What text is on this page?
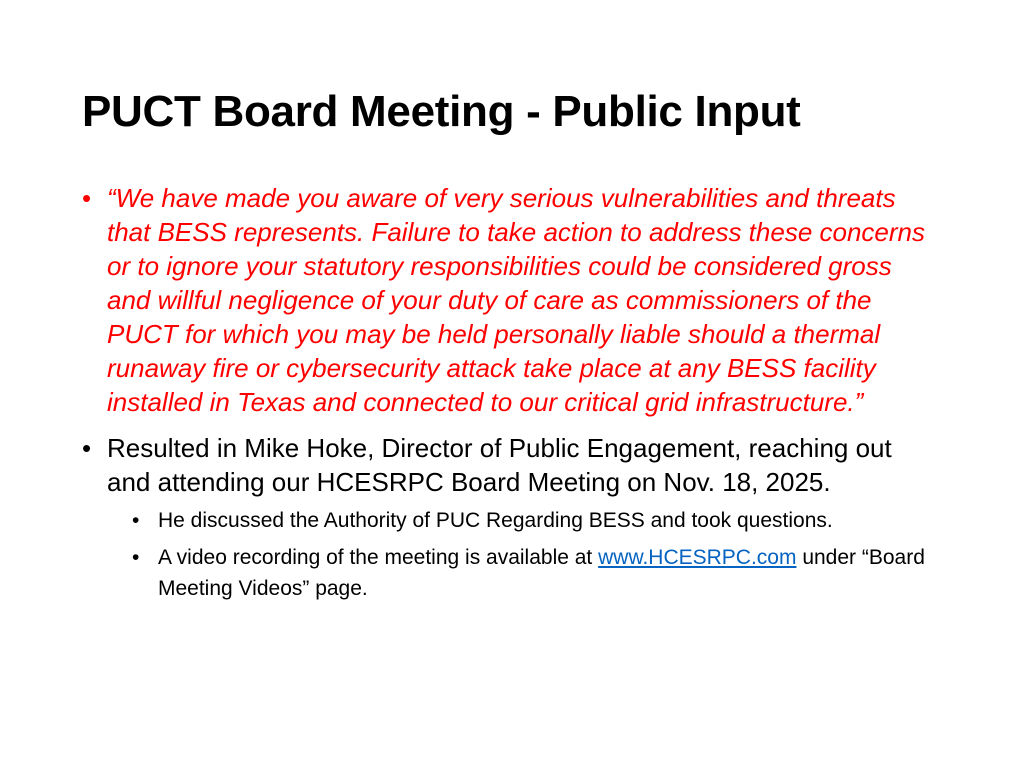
PUCT Board Meeting - Public Input
• “We have made you aware of very serious vulnerabilities and threats that BESS represents. Failure to take action to address these concerns or to ignore your statutory responsibilities could be considered gross and willful negligence of your duty of care as commissioners of the PUCT for which you may be held personally liable should a thermal runaway fire or cybersecurity attack take place at any BESS facility installed in Texas and connected to our critical grid infrastructure.”
• Resulted in Mike Hoke, Director of Public Engagement, reaching out and attending our HCESRPC Board Meeting on Nov. 18, 2025.
• He discussed the Authority of PUC Regarding BESS and took questions.
• A video recording of the meeting is available at www.HCESRPC.com under “Board Meeting Videos” page.
